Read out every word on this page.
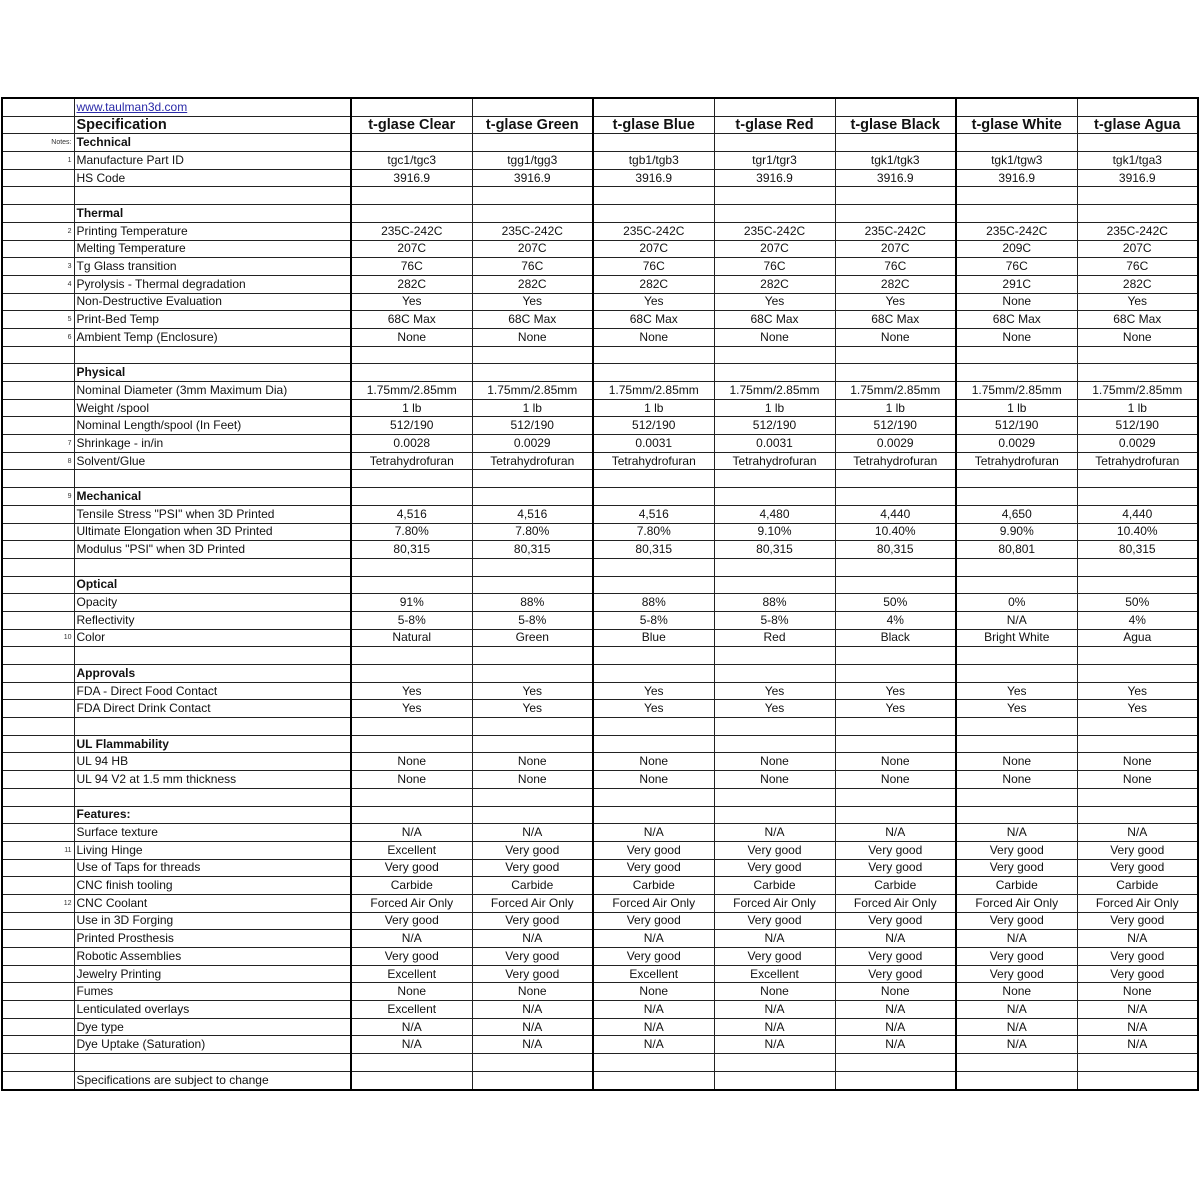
	www.taulman3d.com							
	Specification	t-glase Clear	t-glase Green	t-glase Blue	t-glase Red	t-glase Black	t-glase White	t-glase Agua
Notes:	Technical							
1	Manufacture Part ID	tgc1/tgc3	tgg1/tgg3	tgb1/tgb3	tgr1/tgr3	tgk1/tgk3	tgk1/tgw3	tgk1/tga3
	HS Code	3916.9	3916.9	3916.9	3916.9	3916.9	3916.9	3916.9

	Thermal							
2	Printing Temperature	235C-242C	235C-242C	235C-242C	235C-242C	235C-242C	235C-242C	235C-242C
	Melting Temperature	207C	207C	207C	207C	207C	209C	207C
3	Tg Glass transition	76C	76C	76C	76C	76C	76C	76C
4	Pyrolysis - Thermal degradation	282C	282C	282C	282C	282C	291C	282C
	Non-Destructive Evaluation	Yes	Yes	Yes	Yes	Yes	None	Yes
5	Print-Bed Temp	68C Max	68C Max	68C Max	68C Max	68C Max	68C Max	68C Max
6	Ambient Temp (Enclosure)	None	None	None	None	None	None	None

	Physical							
	Nominal Diameter (3mm Maximum Dia)	1.75mm/2.85mm	1.75mm/2.85mm	1.75mm/2.85mm	1.75mm/2.85mm	1.75mm/2.85mm	1.75mm/2.85mm	1.75mm/2.85mm
	Weight /spool	1 lb	1 lb	1 lb	1 lb	1 lb	1 lb	1 lb
	Nominal Length/spool (In Feet)	512/190	512/190	512/190	512/190	512/190	512/190	512/190
7	Shrinkage - in/in	0.0028	0.0029	0.0031	0.0031	0.0029	0.0029	0.0029
8	Solvent/Glue	Tetrahydrofuran	Tetrahydrofuran	Tetrahydrofuran	Tetrahydrofuran	Tetrahydrofuran	Tetrahydrofuran	Tetrahydrofuran

9	Mechanical							
	Tensile Stress "PSI" when 3D Printed	4,516	4,516	4,516	4,480	4,440	4,650	4,440
	Ultimate Elongation when 3D Printed	7.80%	7.80%	7.80%	9.10%	10.40%	9.90%	10.40%
	Modulus "PSI" when 3D Printed	80,315	80,315	80,315	80,315	80,315	80,801	80,315

	Optical							
	Opacity	91%	88%	88%	88%	50%	0%	50%
	Reflectivity	5-8%	5-8%	5-8%	5-8%	4%	N/A	4%
10	Color	Natural	Green	Blue	Red	Black	Bright White	Agua

	Approvals							
	FDA - Direct Food Contact	Yes	Yes	Yes	Yes	Yes	Yes	Yes
	FDA Direct Drink Contact	Yes	Yes	Yes	Yes	Yes	Yes	Yes

	UL Flammability							
	UL 94 HB	None	None	None	None	None	None	None
	UL 94 V2 at 1.5 mm thickness	None	None	None	None	None	None	None

	Features:							
	Surface texture	N/A	N/A	N/A	N/A	N/A	N/A	N/A
11	Living Hinge	Excellent	Very good	Very good	Very good	Very good	Very good	Very good
	Use of Taps for threads	Very good	Very good	Very good	Very good	Very good	Very good	Very good
	CNC finish tooling	Carbide	Carbide	Carbide	Carbide	Carbide	Carbide	Carbide
12	CNC Coolant	Forced Air Only	Forced Air Only	Forced Air Only	Forced Air Only	Forced Air Only	Forced Air Only	Forced Air Only
	Use in 3D Forging	Very good	Very good	Very good	Very good	Very good	Very good	Very good
	Printed Prosthesis	N/A	N/A	N/A	N/A	N/A	N/A	N/A
	Robotic Assemblies	Very good	Very good	Very good	Very good	Very good	Very good	Very good
	Jewelry Printing	Excellent	Very good	Excellent	Excellent	Very good	Very good	Very good
	Fumes	None	None	None	None	None	None	None
	Lenticulated overlays	Excellent	N/A	N/A	N/A	N/A	N/A	N/A
	Dye type	N/A	N/A	N/A	N/A	N/A	N/A	N/A
	Dye Uptake (Saturation)	N/A	N/A	N/A	N/A	N/A	N/A	N/A

	Specifications are subject to change							
